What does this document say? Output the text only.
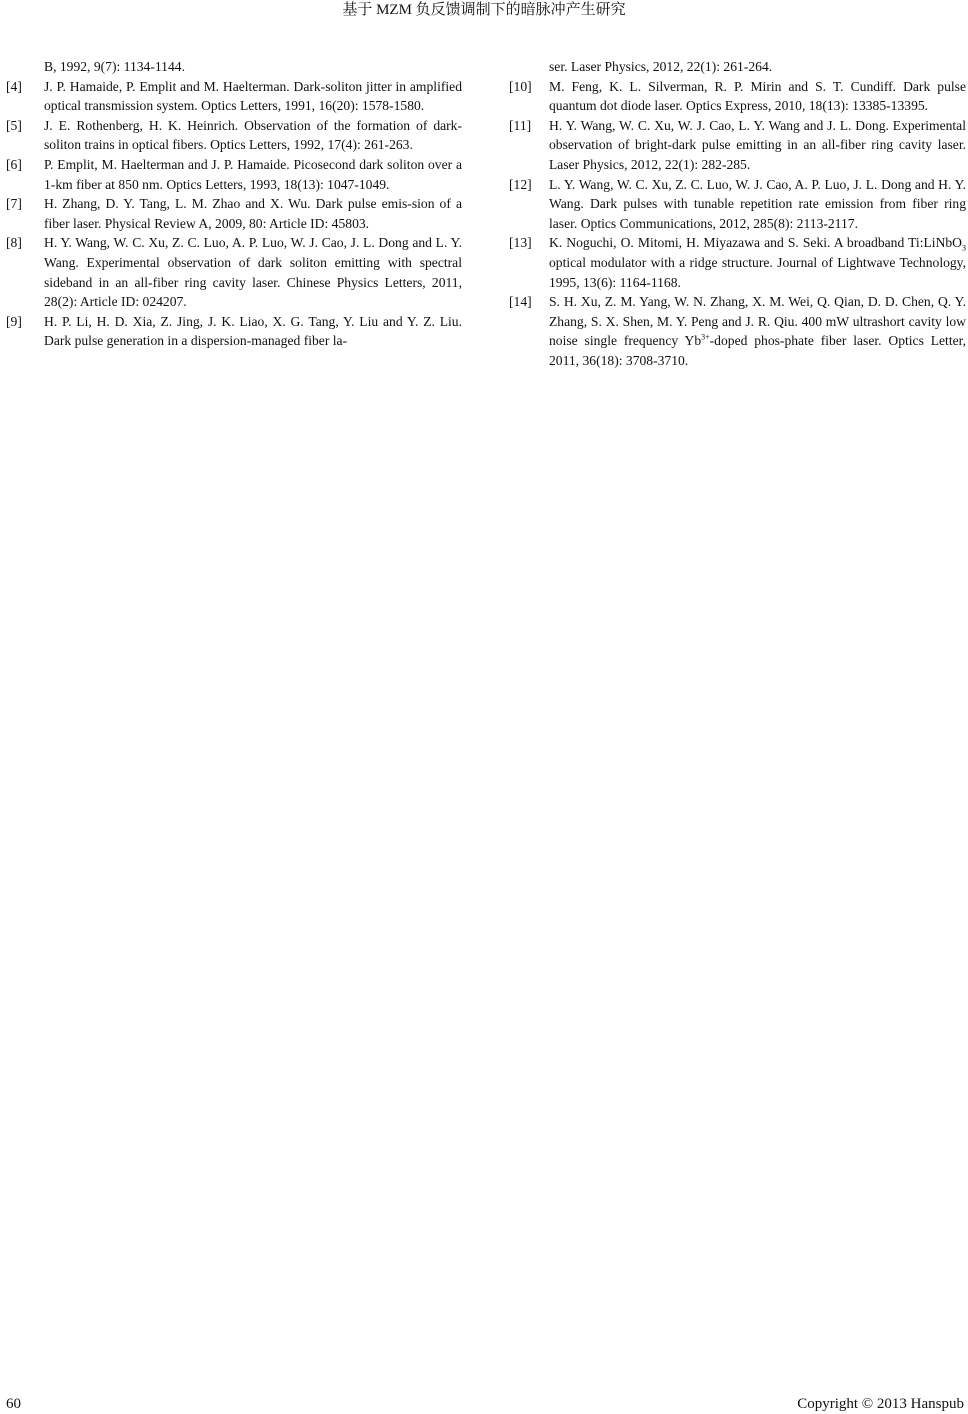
基于 MZM 负反馈调制下的暗脉冲产生研究
B, 1992, 9(7): 1134-1144.
[4]	J. P. Hamaide, P. Emplit and M. Haelterman. Dark-soliton jitter in amplified optical transmission system. Optics Letters, 1991, 16(20): 1578-1580.
[5]	J. E. Rothenberg, H. K. Heinrich. Observation of the formation of dark-soliton trains in optical fibers. Optics Letters, 1992, 17(4): 261-263.
[6]	P. Emplit, M. Haelterman and J. P. Hamaide. Picosecond dark soliton over a 1-km fiber at 850 nm. Optics Letters, 1993, 18(13): 1047-1049.
[7]	H. Zhang, D. Y. Tang, L. M. Zhao and X. Wu. Dark pulse emis-sion of a fiber laser. Physical Review A, 2009, 80: Article ID: 45803.
[8]	H. Y. Wang, W. C. Xu, Z. C. Luo, A. P. Luo, W. J. Cao, J. L. Dong and L. Y. Wang. Experimental observation of dark soliton emitting with spectral sideband in an all-fiber ring cavity laser. Chinese Physics Letters, 2011, 28(2): Article ID: 024207.
[9]	H. P. Li, H. D. Xia, Z. Jing, J. K. Liao, X. G. Tang, Y. Liu and Y. Z. Liu. Dark pulse generation in a dispersion-managed fiber la-
ser. Laser Physics, 2012, 22(1): 261-264.
[10]	M. Feng, K. L. Silverman, R. P. Mirin and S. T. Cundiff. Dark pulse quantum dot diode laser. Optics Express, 2010, 18(13): 13385-13395.
[11]	H. Y. Wang, W. C. Xu, W. J. Cao, L. Y. Wang and J. L. Dong. Experimental observation of bright-dark pulse emitting in an all-fiber ring cavity laser. Laser Physics, 2012, 22(1): 282-285.
[12]	L. Y. Wang, W. C. Xu, Z. C. Luo, W. J. Cao, A. P. Luo, J. L. Dong and H. Y. Wang. Dark pulses with tunable repetition rate emission from fiber ring laser. Optics Communications, 2012, 285(8): 2113-2117.
[13]	K. Noguchi, O. Mitomi, H. Miyazawa and S. Seki. A broadband Ti:LiNbO$_3$ optical modulator with a ridge structure. Journal of Lightwave Technology, 1995, 13(6): 1164-1168.
[14]	S. H. Xu, Z. M. Yang, W. N. Zhang, X. M. Wei, Q. Qian, D. D. Chen, Q. Y. Zhang, S. X. Shen, M. Y. Peng and J. R. Qiu. 400 mW ultrashort cavity low noise single frequency $Yb^{3+}$-doped phos-phate fiber laser. Optics Letter, 2011, 36(18): 3708-3710.
60	Copyright © 2013 Hanspub
